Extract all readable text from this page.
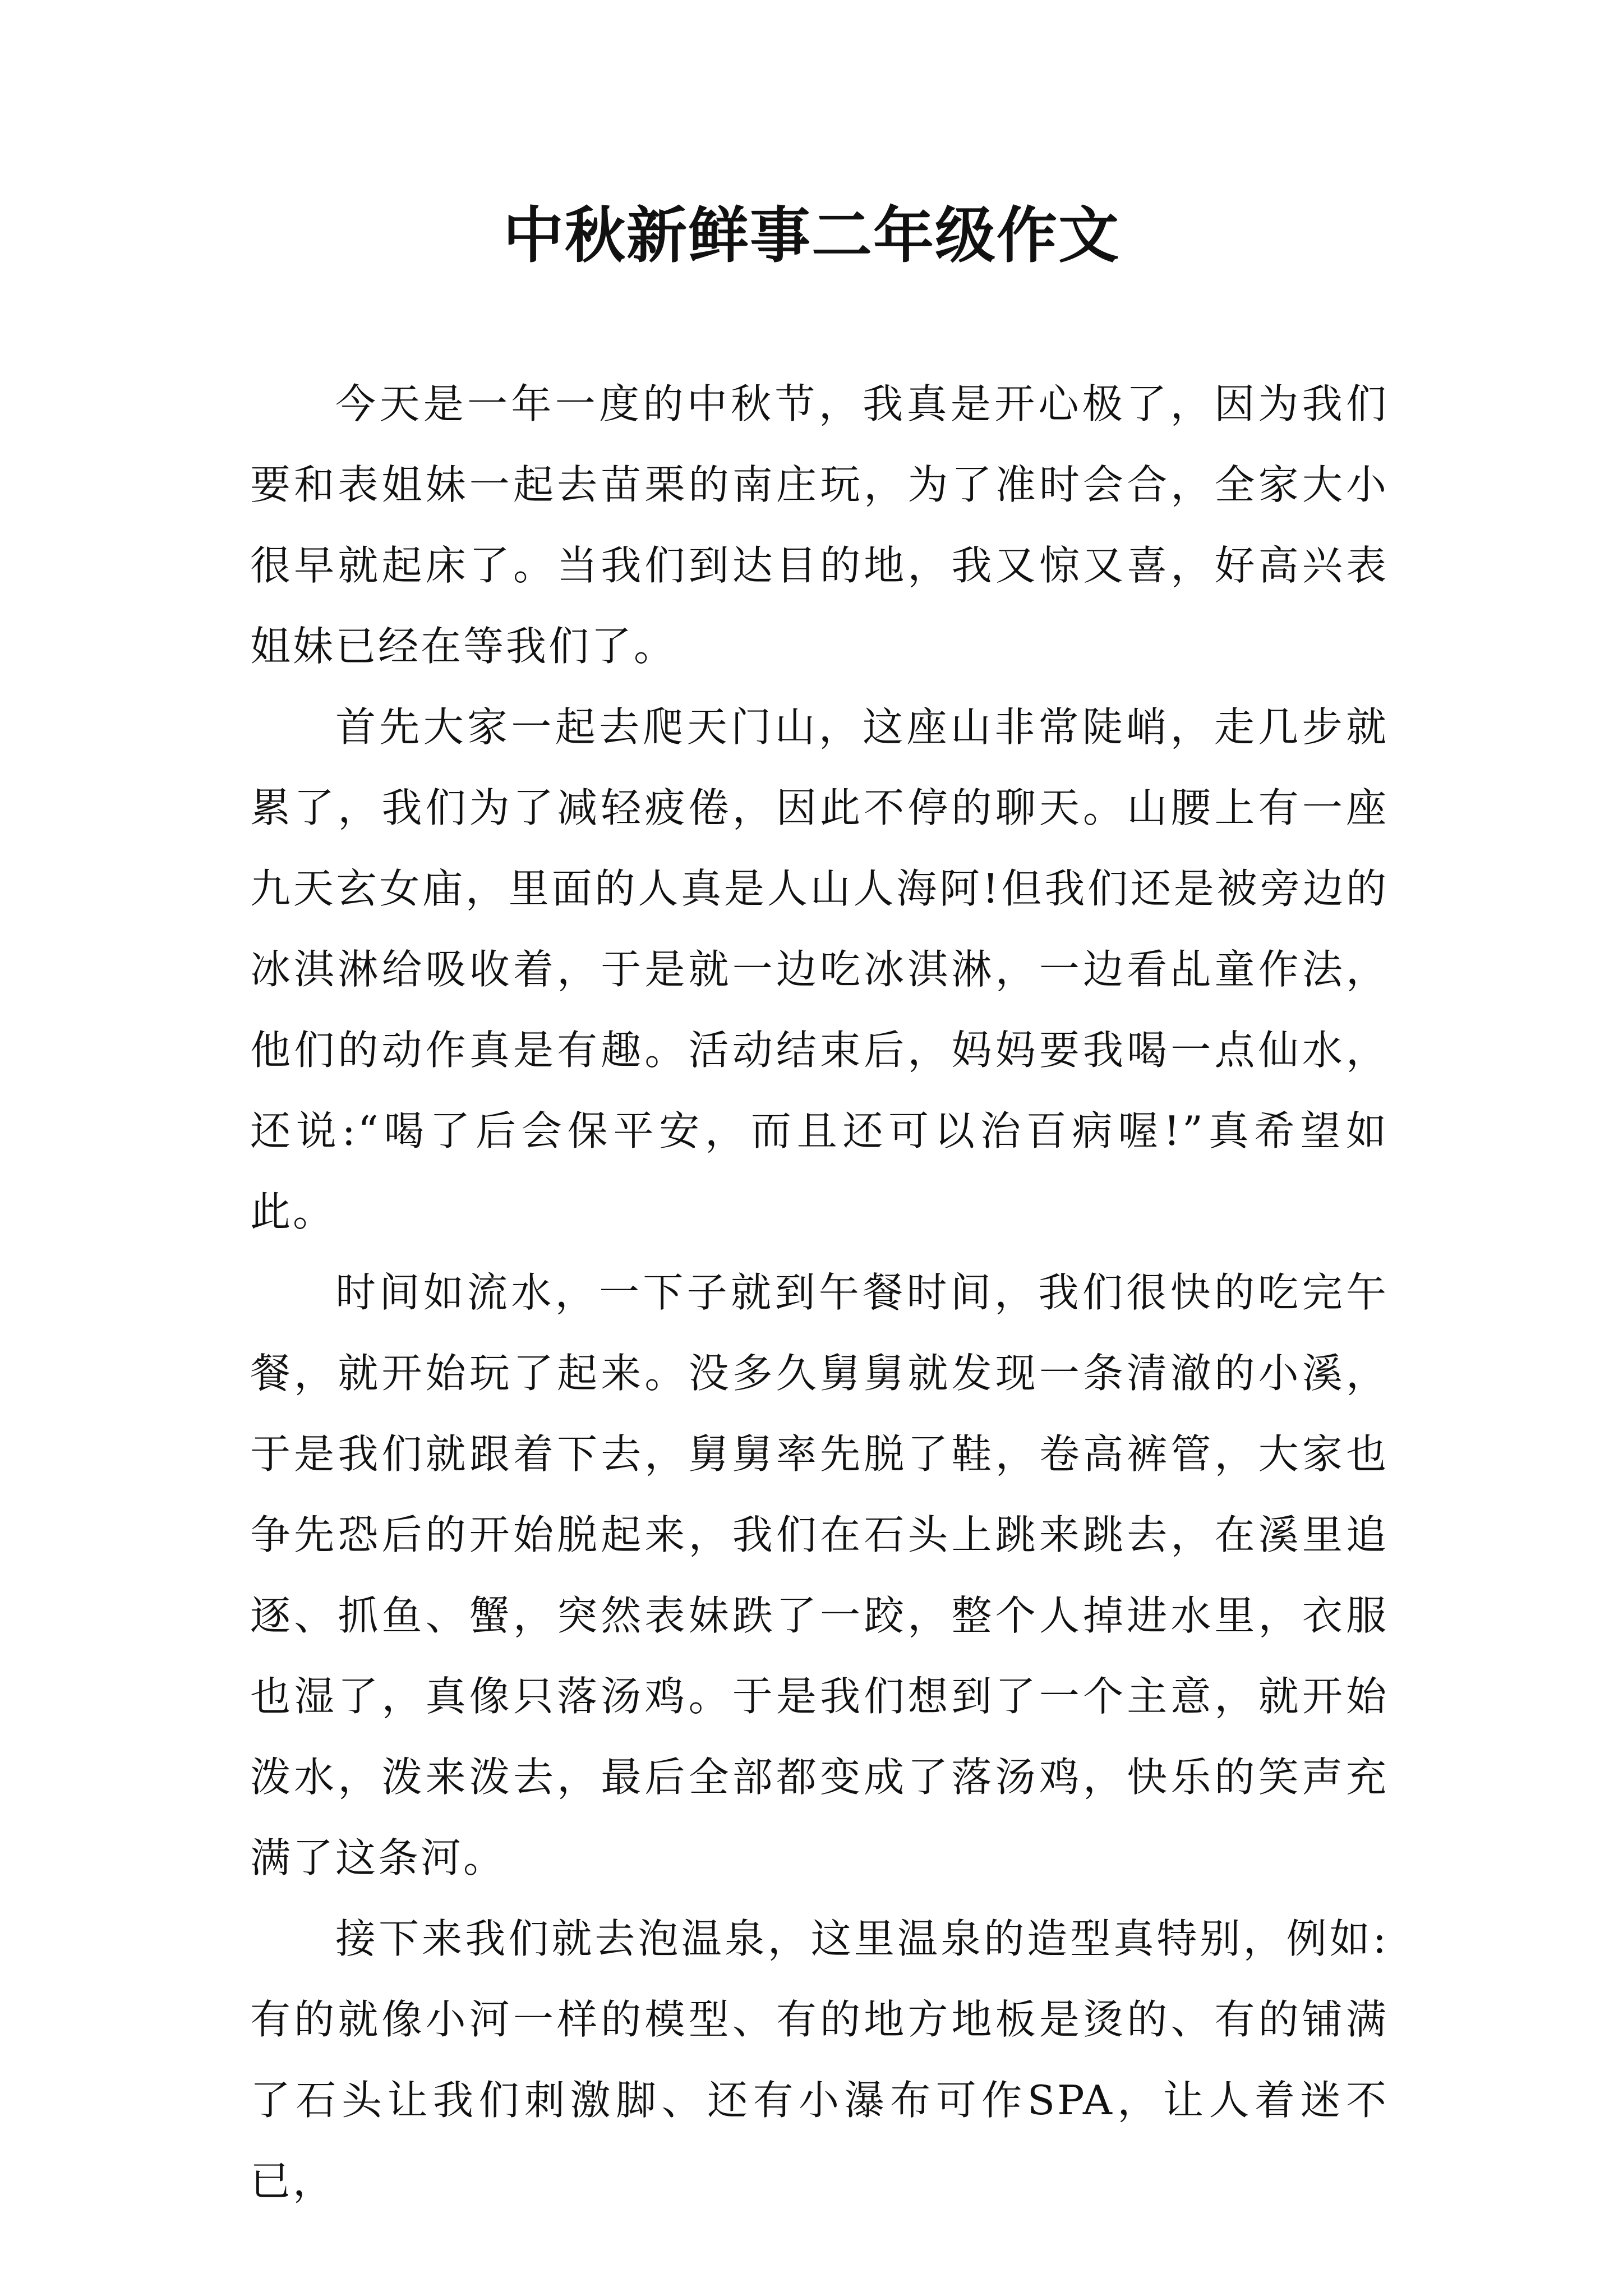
中秋新鲜事二年级作文

今天是一年一度的中秋节，我真是开心极了，因为我们要和表姐妹一起去苗栗的南庄玩，为了准时会合，全家大小很早就起床了。当我们到达目的地，我又惊又喜，好高兴表姐妹已经在等我们了。

首先大家一起去爬天门山，这座山非常陡峭，走几步就累了，我们为了减轻疲倦，因此不停的聊天。山腰上有一座九天玄女庙，里面的人真是人山人海阿!但我们还是被旁边的冰淇淋给吸收着，于是就一边吃冰淇淋，一边看乩童作法，他们的动作真是有趣。活动结束后，妈妈要我喝一点仙水，还说:“喝了后会保平安，而且还可以治百病喔!”真希望如此。

时间如流水，一下子就到午餐时间，我们很快的吃完午餐，就开始玩了起来。没多久舅舅就发现一条清澈的小溪，于是我们就跟着下去，舅舅率先脱了鞋，卷高裤管，大家也争先恐后的开始脱起来，我们在石头上跳来跳去，在溪里追逐、抓鱼、蟹，突然表妹跌了一跤，整个人掉进水里，衣服也湿了，真像只落汤鸡。于是我们想到了一个主意，就开始泼水，泼来泼去，最后全部都变成了落汤鸡，快乐的笑声充满了这条河。

接下来我们就去泡温泉，这里温泉的造型真特别，例如:有的就像小河一样的模型、有的地方地板是烫的、有的铺满了石头让我们刺激脚、还有小瀑布可作SPA，让人着迷不已，
